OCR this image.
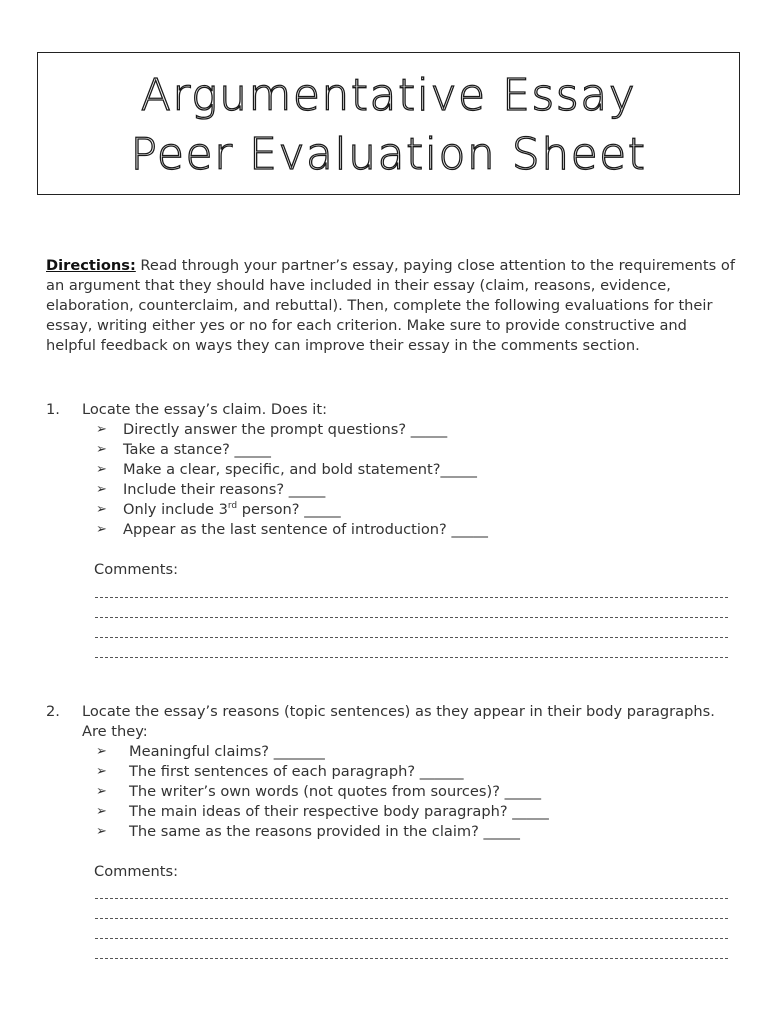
Argumentative Essay
Peer Evaluation Sheet
Directions: Read through your partner’s essay, paying close attention to the requirements of an argument that they should have included in their essay (claim, reasons, evidence, elaboration, counterclaim, and rebuttal). Then, complete the following evaluations for their essay, writing either yes or no for each criterion. Make sure to provide constructive and helpful feedback on ways they can improve their essay in the comments section.
1. Locate the essay’s claim. Does it:
➢ Directly answer the prompt questions? _____
➢ Take a stance? _____
➢ Make a clear, specific, and bold statement?_____
➢ Include their reasons? _____
➢ Only include 3rd person? _____
➢ Appear as the last sentence of introduction? _____
Comments:
2. Locate the essay’s reasons (topic sentences) as they appear in their body paragraphs. Are they:
➢ Meaningful claims? _______
➢ The first sentences of each paragraph? ______
➢ The writer’s own words (not quotes from sources)? _____
➢ The main ideas of their respective body paragraph? _____
➢ The same as the reasons provided in the claim? _____
Comments:
